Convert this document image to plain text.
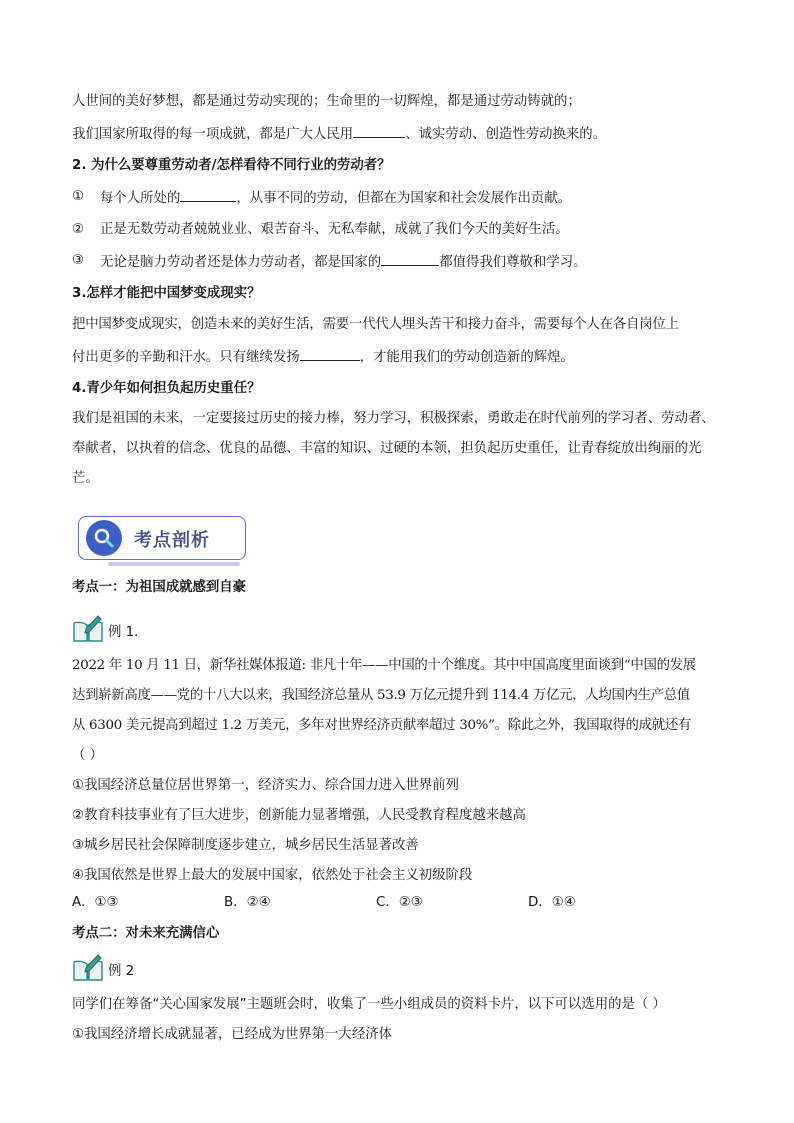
人世间的美好梦想，都是通过劳动实现的；生命里的一切辉煌，都是通过劳动铸就的；
我们国家所取得的每一项成就，都是广大人民用	、诚实劳动、创造性劳动换来的。
2. 为什么要尊重劳动者/怎样看待不同行业的劳动者？
①	每个人所处的	，从事不同的劳动，但都在为国家和社会发展作出贡献。
②	正是无数劳动者兢兢业业、艰苦奋斗、无私奉献，成就了我们今天的美好生活。
③	无论是脑力劳动者还是体力劳动者，都是国家的	都值得我们尊敬和学习。
3.怎样才能把中国梦变成现实？
把中国梦变成现实，创造未来的美好生活，需要一代代人埋头苦干和接力奋斗，需要每个人在各自岗位上
付出更多的辛勤和汗水。只有继续发扬	，才能用我们的劳动创造新的辉煌。
4.青少年如何担负起历史重任？
我们是祖国的未来，一定要接过历史的接力棒，努力学习，积极探索，勇敢走在时代前列的学习者、劳动者、奉献者，以执着的信念、优良的品德、丰富的知识、过硬的本领，担负起历史重任，让青春绽放出绚丽的光芒。
考点剖析
考点一：为祖国成就感到自豪
例 1.
2022 年 10 月 11 日，新华社媒体报道: 非凡十年——中国的十个维度。其中中国高度里面谈到“中国的发展
达到崭新高度——党的十八大以来，我国经济总量从 53.9 万亿元提升到 114.4 万亿元，人均国内生产总值
从 6300 美元提高到超过 1.2 万美元，多年对世界经济贡献率超过 30%”。除此之外，我国取得的成就还有
（ ）
①我国经济总量位居世界第一，经济实力、综合国力进入世界前列
②教育科技事业有了巨大进步，创新能力显著增强，人民受教育程度越来越高
③城乡居民社会保障制度逐步建立，城乡居民生活显著改善
④我国依然是世界上最大的发展中国家，依然处于社会主义初级阶段
A．①③	B．②④	C．②③	D．①④
考点二：对未来充满信心
例 2
同学们在筹备“关心国家发展”主题班会时，收集了一些小组成员的资料卡片，以下可以选用的是（ ）
①我国经济增长成就显著，已经成为世界第一大经济体
